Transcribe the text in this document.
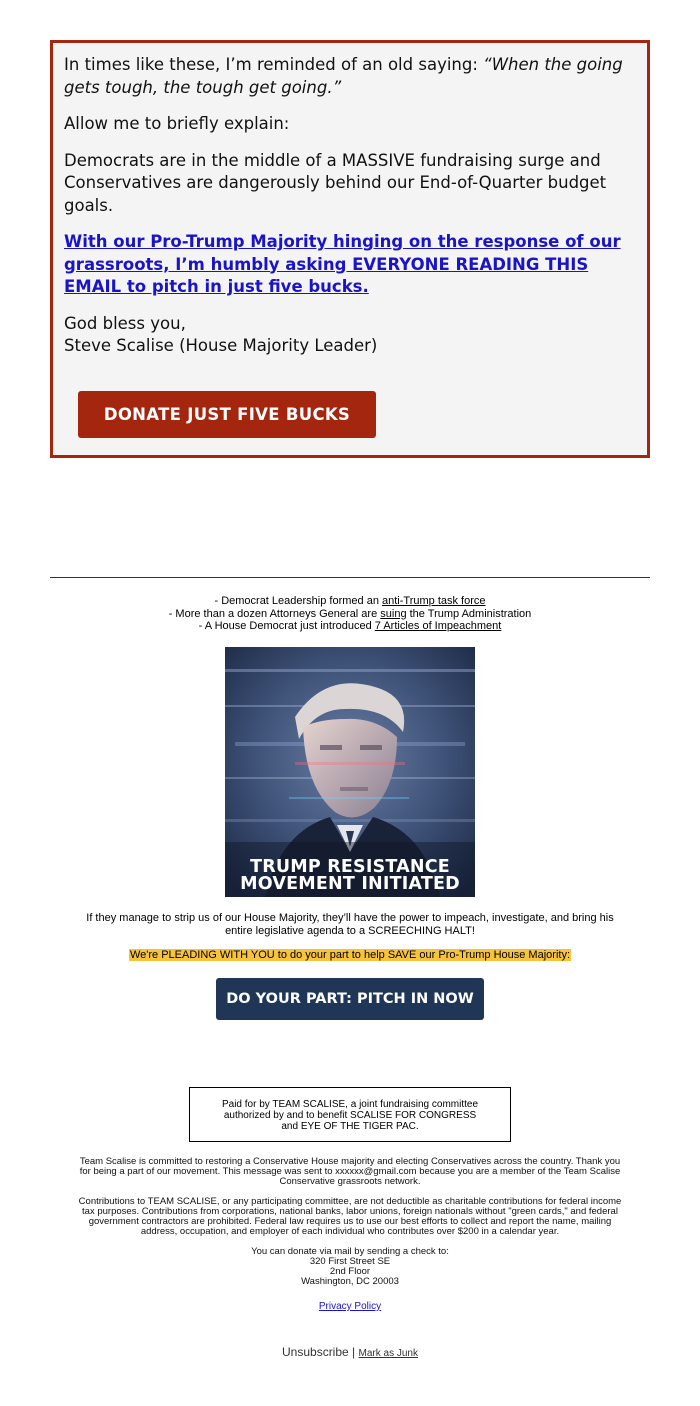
In times like these, I’m reminded of an old saying: “When the going gets tough, the tough get going.”

Allow me to briefly explain:

Democrats are in the middle of a MASSIVE fundraising surge and Conservatives are dangerously behind our End-of-Quarter budget goals.

With our Pro-Trump Majority hinging on the response of our grassroots, I’m humbly asking EVERYONE READING THIS EMAIL to pitch in just five bucks.

God bless you,
Steve Scalise (House Majority Leader)

DONATE JUST FIVE BUCKS
- Democrat Leadership formed an anti-Trump task force
- More than a dozen Attorneys General are suing the Trump Administration
- A House Democrat just introduced 7 Articles of Impeachment
TRUMP RESISTANCE
MOVEMENT INITIATED
If they manage to strip us of our House Majority, they’ll have the power to impeach, investigate, and bring his
entire legislative agenda to a SCREECHING HALT!
We're PLEADING WITH YOU to do your part to help SAVE our Pro-Trump House Majority:
DO YOUR PART: PITCH IN NOW
Paid for by TEAM SCALISE, a joint fundraising committee authorized by and to benefit SCALISE FOR CONGRESS and EYE OF THE TIGER PAC.
Team Scalise is committed to restoring a Conservative House majority and electing Conservatives across the country. Thank you
for being a part of our movement. This message was sent to xxxxxx@gmail.com because you are a member of the Team Scalise
Conservative grassroots network.
Contributions to TEAM SCALISE, or any participating committee, are not deductible as charitable contributions for federal income
tax purposes. Contributions from corporations, national banks, labor unions, foreign nationals without "green cards," and federal
government contractors are prohibited. Federal law requires us to use our best efforts to collect and report the name, mailing
address, occupation, and employer of each individual who contributes over $200 in a calendar year.
You can donate via mail by sending a check to:
320 First Street SE
2nd Floor
Washington, DC 20003
Privacy Policy
Unsubscribe | Mark as Junk
